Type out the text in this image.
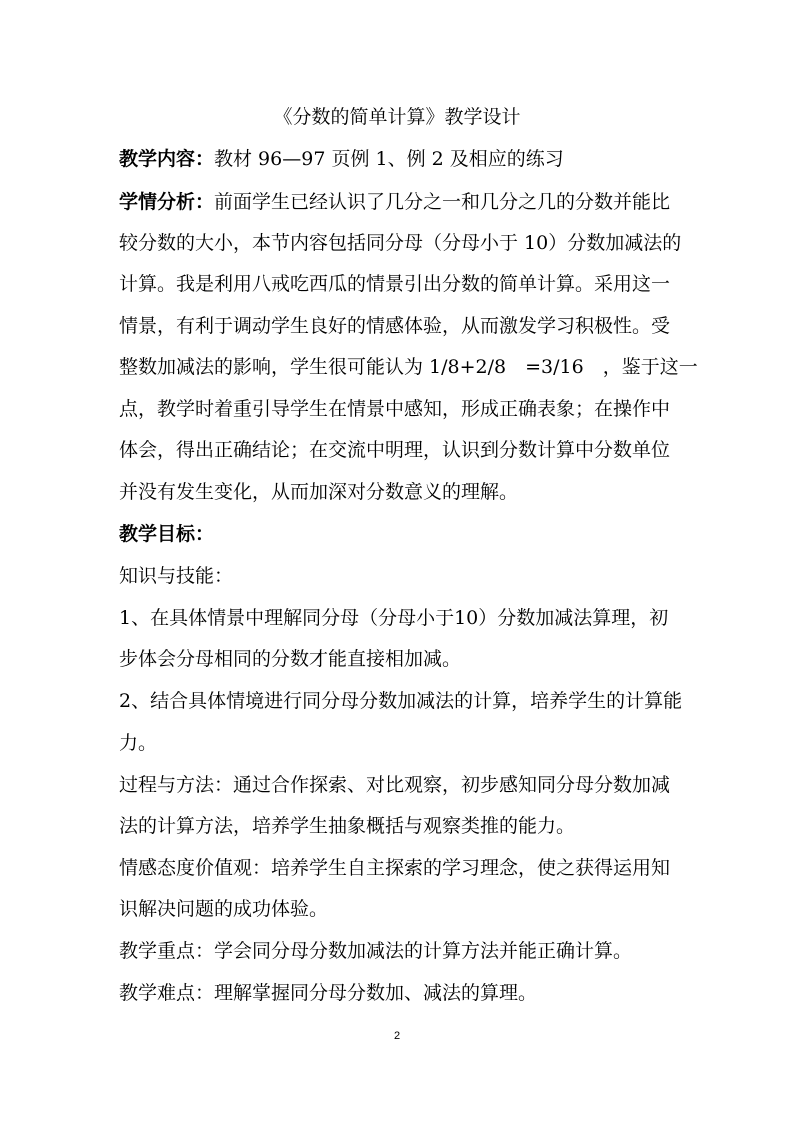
《分数的简单计算》教学设计
教学内容：教材 96—97 页例 1、例 2 及相应的练习
学情分析：前面学生已经认识了几分之一和几分之几的分数并能比
较分数的大小，本节内容包括同分母（分母小于 10）分数加减法的
计算。我是利用八戒吃西瓜的情景引出分数的简单计算。采用这一
情景，有利于调动学生良好的情感体验，从而激发学习积极性。受
整数加减法的影响，学生很可能认为 1/8+2/8　=3/16　，鉴于这一
点，教学时着重引导学生在情景中感知，形成正确表象；在操作中
体会，得出正确结论；在交流中明理，认识到分数计算中分数单位
并没有发生变化，从而加深对分数意义的理解。
教学目标：
知识与技能：
1、在具体情景中理解同分母（分母小于10）分数加减法算理，初
步体会分母相同的分数才能直接相加减。
2、结合具体情境进行同分母分数加减法的计算，培养学生的计算能
力。
过程与方法：通过合作探索、对比观察，初步感知同分母分数加减
法的计算方法，培养学生抽象概括与观察类推的能力。
情感态度价值观：培养学生自主探索的学习理念，使之获得运用知
识解决问题的成功体验。
教学重点：学会同分母分数加减法的计算方法并能正确计算。
教学难点：理解掌握同分母分数加、减法的算理。
2
